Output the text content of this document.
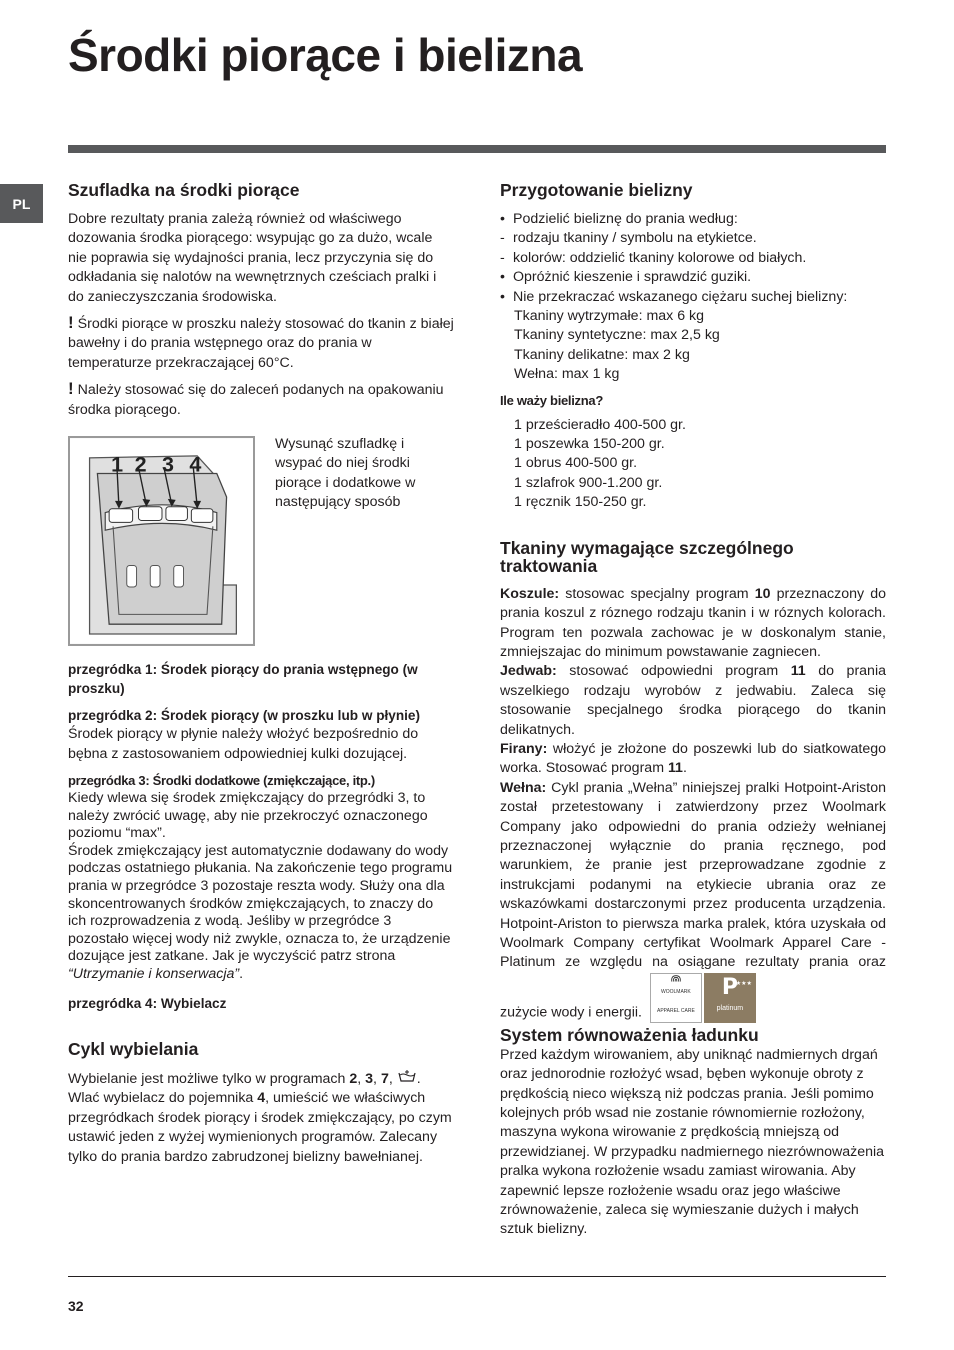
Środki piorące i bielizna
PL
Szufladka na środki piorące

Dobre rezultaty prania zależą również od właściwego dozowania środka piorącego: wsypując go za dużo, wcale nie poprawia się wydajności prania, lecz przyczynia się do odkładania się nalotów na wewnętrznych cześciach pralki i do zanieczyszczania środowiska.

! Środki piorące w proszku należy stosować do tkanin z białej bawełny i do prania wstępnego oraz do prania w temperaturze przekraczającej 60°C.

! Należy stosować się do zaleceń podanych na opakowaniu środka piorącego.

1 2 3 4
Wysunąć szufladkę i wsypać do niej środki piorące i dodatkowe w następujący sposób

przegródka 1: Środek piorący do prania wstępnego (w proszku)

przegródka 2: Środek piorący (w proszku lub w płynie)

Środek piorący w płynie należy włożyć bezpośrednio do bębna z zastosowaniem odpowiedniej kulki dozującej.

przegródka 3: Środki dodatkowe (zmiękczające, itp.)

Kiedy wlewa się środek zmiękczający do przegródki 3, to należy zwrócić uwagę, aby nie przekroczyć oznaczonego poziomu “max”.

Środek zmiękczający jest automatycznie dodawany do wody podczas ostatniego płukania. Na zakończenie tego programu prania w przegródce 3 pozostaje reszta wody. Służy ona dla skoncentrowanych środków zmiękczających, to znaczy do ich rozprowadzenia z wodą. Jeśliby w przegródce 3 pozostało więcej wody niż zwykle, oznacza to, że urządzenie dozujące jest zatkane. Jak je wyczyścić patrz strona “Utrzymanie i konserwacja”.

przegródka 4: Wybielacz

Cykl wybielania

Wybielanie jest możliwe tylko w programach 2, 3, 7, . Wlać wybielacz do pojemnika 4, umieścić we właściwych przegródkach środek piorący i środek zmiękczający, po czym ustawić jeden z wyżej wymienionych programów. Zalecany tylko do prania bardzo zabrudzonej bielizny bawełnianej.

Przygotowanie bielizny
• Podzielić bieliznę do prania według:
- rodzaju tkaniny / symbolu na etykietce.
- kolorów: oddzielić tkaniny kolorowe od białych.
• Opróżnić kieszenie i sprawdzić guziki.
• Nie przekraczać wskazanego ciężaru suchej bielizny:

Tkaniny wytrzymałe: max 6 kg

Tkaniny syntetyczne: max 2,5 kg

Tkaniny delikatne: max 2 kg

Wełna: max 1 kg

Ile waży bielizna?

1 prześcieradło 400-500 gr.

1 poszewka 150-200 gr.

1 obrus 400-500 gr.

1 szlafrok 900-1.200 gr.

1 ręcznik 150-250 gr.

Tkaniny wymagające szczególnego traktowania

Koszule: stosowac specjalny program 10 przeznaczony do prania koszul z róznego rodzaju tkanin i w róznych kolorach. Program ten pozwala zachowac je w doskonalym stanie, zmniejszajac do minimum powstawanie zagniecen.

Jedwab: stosować odpowiedni program 11 do prania wszelkiego rodzaju wyrobów z jedwabiu. Zaleca się stosowanie specjalnego środka piorącego do tkanin delikatnych.

Firany: włożyć je złożone do poszewki lub do siatkowatego worka. Stosować program 11.

Wełna: Cykl prania „Wełna” niniejszej pralki Hotpoint-Ariston został przetestowany i zatwierdzony przez Woolmark Company jako odpowiedni do prania odzieży wełnianej przeznaczonej wyłącznie do prania ręcznego, pod warunkiem, że pranie jest przeprowadzane zgodnie z instrukcjami podanymi na etykiecie ubrania oraz ze wskazówkami dostarczonymi przez producenta urządzenia. Hotpoint-Ariston to pierwsza marka pralek, która uzyskała od Woolmark Company certyfikat Woolmark Apparel Care - Platinum ze względu na osiągane rezultaty prania oraz zużycie wody i energii.
WOOLMARK
APPAREL CARE
★★★
P
platinum

System równoważenia ładunku

Przed każdym wirowaniem, aby uniknąć nadmiernych drgań oraz jednorodnie rozłożyć wsad, bęben wykonuje obroty z prędkością nieco większą niż podczas prania. Jeśli pomimo kolejnych prób wsad nie zostanie równomiernie rozłożony, maszyna wykona wirowanie z prędkością mniejszą od przewidzianej. W przypadku nadmiernego niezrównoważenia pralka wykona rozłożenie wsadu zamiast wirowania. Aby zapewnić lepsze rozłożenie wsadu oraz jego właściwe zrównoważenie, zaleca się wymieszanie dużych i małych sztuk bielizny.

32
